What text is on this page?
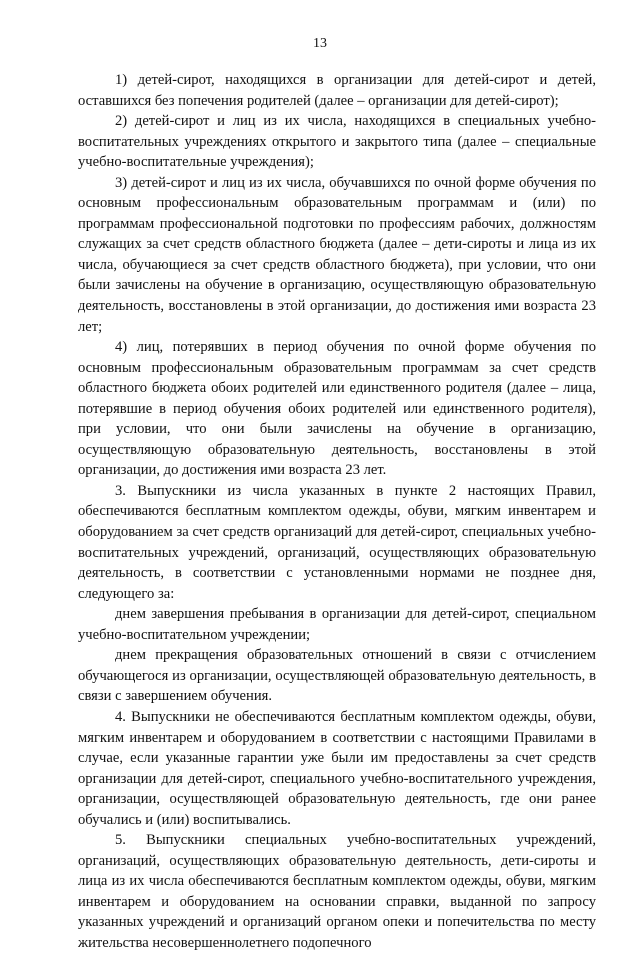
13

1) детей-сирот, находящихся в организации для детей-сирот и детей, оставшихся без попечения родителей (далее – организации для детей-сирот);

2) детей-сирот и лиц из их числа, находящихся в специальных учебно-воспитательных учреждениях открытого и закрытого типа (далее – специальные учебно-воспитательные учреждения);

3) детей-сирот и лиц из их числа, обучавшихся по очной форме обучения по основным профессиональным образовательным программам и (или) по программам профессиональной подготовки по профессиям рабочих, должностям служащих за счет средств областного бюджета (далее – дети-сироты и лица из их числа, обучающиеся за счет средств областного бюджета), при условии, что они были зачислены на обучение в организацию, осуществляющую образовательную деятельность, восстановлены в этой организации, до достижения ими возраста 23 лет;

4) лиц, потерявших в период обучения по очной форме обучения по основным профессиональным образовательным программам за счет средств областного бюджета обоих родителей или единственного родителя (далее – лица, потерявшие в период обучения обоих родителей или единственного родителя), при условии, что они были зачислены на обучение в организацию, осуществляющую образовательную деятельность, восстановлены в этой организации, до достижения ими возраста 23 лет.

3. Выпускники из числа указанных в пункте 2 настоящих Правил, обеспечиваются бесплатным комплектом одежды, обуви, мягким инвентарем и оборудованием за счет средств организаций для детей-сирот, специальных учебно-воспитательных учреждений, организаций, осуществляющих образовательную деятельность, в соответствии с установленными нормами не позднее дня, следующего за:

днем завершения пребывания в организации для детей-сирот, специальном учебно-воспитательном учреждении;

днем прекращения образовательных отношений в связи с отчислением обучающегося из организации, осуществляющей образовательную деятельность, в связи с завершением обучения.

4. Выпускники не обеспечиваются бесплатным комплектом одежды, обуви, мягким инвентарем и оборудованием в соответствии с настоящими Правилами в случае, если указанные гарантии уже были им предоставлены за счет средств организации для детей-сирот, специального учебно-воспитательного учреждения, организации, осуществляющей образовательную деятельность, где они ранее обучались и (или) воспитывались.

5. Выпускники специальных учебно-воспитательных учреждений, организаций, осуществляющих образовательную деятельность, дети-сироты и лица из их числа обеспечиваются бесплатным комплектом одежды, обуви, мягким инвентарем и оборудованием на основании справки, выданной по запросу указанных учреждений и организаций органом опеки и попечительства по месту жительства несовершеннолетнего подопечного
